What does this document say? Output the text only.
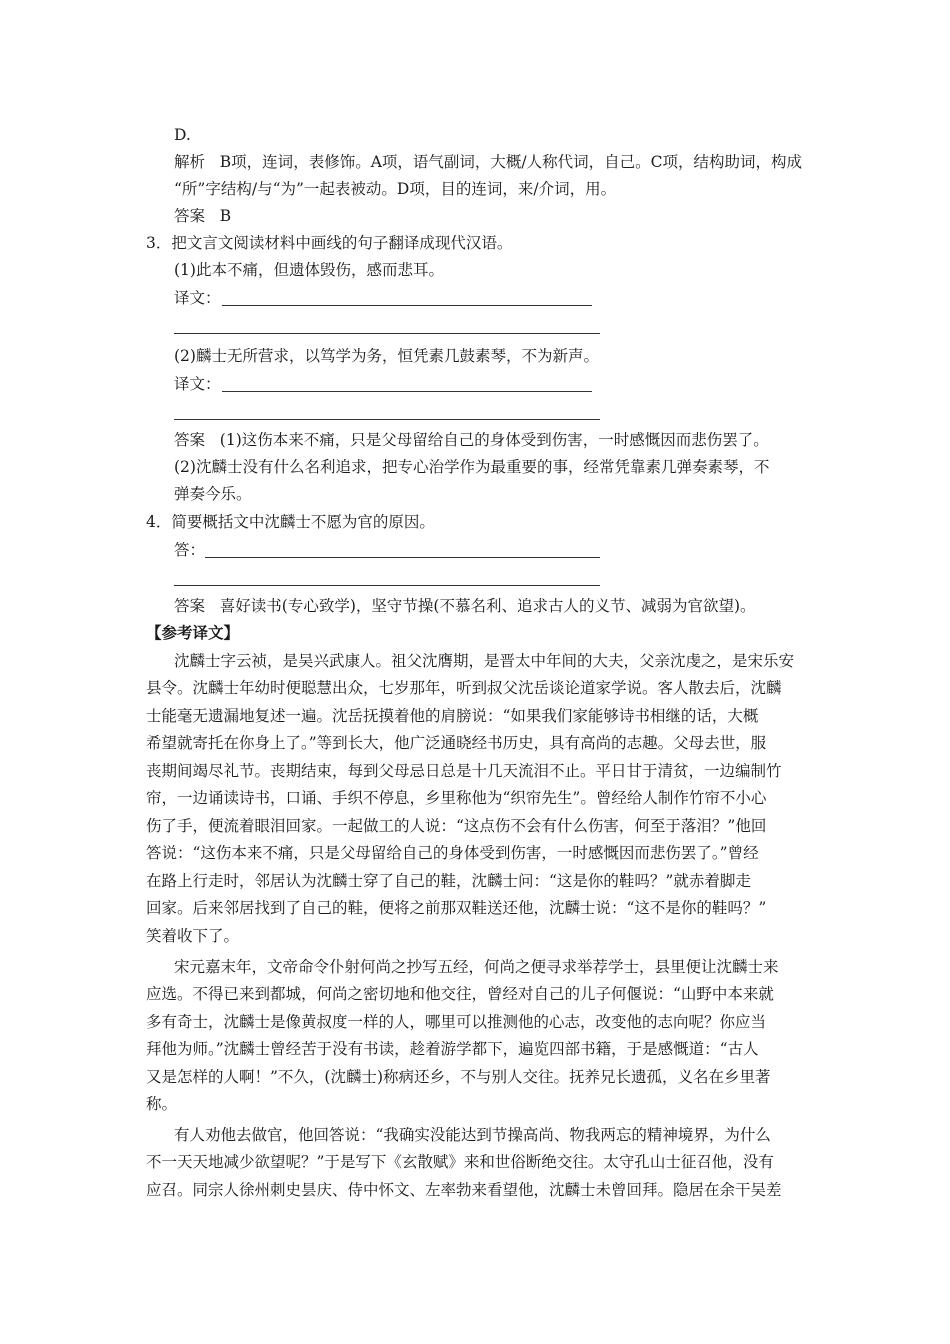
D.
解析 B项，连词，表修饰。A项，语气副词，大概/人称代词，自己。C项，结构助词，构成
“所”字结构/与“为”一起表被动。D项，目的连词，来/介词，用。
答案 B
3．把文言文阅读材料中画线的句子翻译成现代汉语。
(1)此本不痛，但遗体毁伤，感而悲耳。
译文：
(2)麟士无所营求，以笃学为务，恒凭素几鼓素琴，不为新声。
译文：
答案 (1)这伤本来不痛，只是父母留给自己的身体受到伤害，一时感慨因而悲伤罢了。
(2)沈麟士没有什么名利追求，把专心治学作为最重要的事，经常凭靠素几弹奏素琴，不
弹奏今乐。
4．简要概括文中沈麟士不愿为官的原因。
答：
答案 喜好读书(专心致学)，坚守节操(不慕名利、追求古人的义节、减弱为官欲望)。
【参考译文】
沈麟士字云祯，是吴兴武康人。祖父沈膺期，是晋太中年间的大夫，父亲沈虔之，是宋乐安
县令。沈麟士年幼时便聪慧出众，七岁那年，听到叔父沈岳谈论道家学说。客人散去后，沈麟
士能毫无遗漏地复述一遍。沈岳抚摸着他的肩膀说：“如果我们家能够诗书相继的话，大概
希望就寄托在你身上了。”等到长大，他广泛通晓经书历史，具有高尚的志趣。父母去世，服
丧期间竭尽礼节。丧期结束，每到父母忌日总是十几天流泪不止。平日甘于清贫，一边编制竹
帘，一边诵读诗书，口诵、手织不停息，乡里称他为“织帘先生”。曾经给人制作竹帘不小心
伤了手，便流着眼泪回家。一起做工的人说：“这点伤不会有什么伤害，何至于落泪？”他回
答说：“这伤本来不痛，只是父母留给自己的身体受到伤害，一时感慨因而悲伤罢了。”曾经
在路上行走时，邻居认为沈麟士穿了自己的鞋，沈麟士问：“这是你的鞋吗？”就赤着脚走
回家。后来邻居找到了自己的鞋，便将之前那双鞋送还他，沈麟士说：“这不是你的鞋吗？”
笑着收下了。
宋元嘉末年，文帝命令仆射何尚之抄写五经，何尚之便寻求举荐学士，县里便让沈麟士来
应选。不得已来到都城，何尚之密切地和他交往，曾经对自己的儿子何偃说：“山野中本来就
多有奇士，沈麟士是像黄叔度一样的人，哪里可以推测他的心志，改变他的志向呢？你应当
拜他为师。”沈麟士曾经苦于没有书读，趁着游学都下，遍览四部书籍，于是感慨道：“古人
又是怎样的人啊！”不久，(沈麟士)称病还乡，不与别人交往。抚养兄长遗孤，义名在乡里著
称。
有人劝他去做官，他回答说：“我确实没能达到节操高尚、物我两忘的精神境界，为什么
不一天天地减少欲望呢？”于是写下《玄散赋》来和世俗断绝交往。太守孔山士征召他，没有
应召。同宗人徐州刺史昙庆、侍中怀文、左率勃来看望他，沈麟士未曾回拜。隐居在余干吴差
